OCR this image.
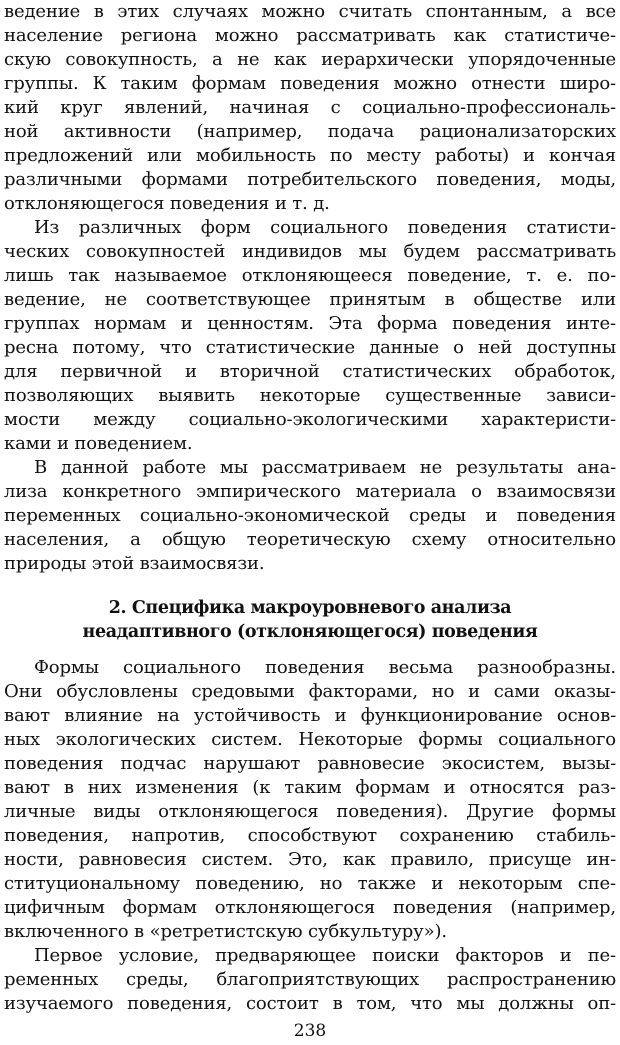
ведение в этих случаях можно считать спонтанным, а все
население региона можно рассматривать как статистиче-
скую совокупность, а не как иерархически упорядоченные
группы. К таким формам поведения можно отнести широ-
кий круг явлений, начиная с социально-профессиональ-
ной активности (например, подача рационализаторских
предложений или мобильность по месту работы) и кончая
различными формами потребительского поведения, моды,
отклоняющегося поведения и т. д.
Из различных форм социального поведения статисти-
ческих совокупностей индивидов мы будем рассматривать
лишь так называемое отклоняющееся поведение, т. е. по-
ведение, не соответствующее принятым в обществе или
группах нормам и ценностям. Эта форма поведения инте-
ресна потому, что статистические данные о ней доступны
для первичной и вторичной статистических обработок,
позволяющих выявить некоторые существенные зависи-
мости между социально-экологическими характеристи-
ками и поведением.
В данной работе мы рассматриваем не результаты ана-
лиза конкретного эмпирического материала о взаимосвязи
переменных социально-экономической среды и поведения
населения, а общую теоретическую схему относительно
природы этой взаимосвязи.
2. Специфика макроуровневого анализа
неадаптивного (отклоняющегося) поведения
Формы социального поведения весьма разнообразны.
Они обусловлены средовыми факторами, но и сами оказы-
вают влияние на устойчивость и функционирование основ-
ных экологических систем. Некоторые формы социального
поведения подчас нарушают равновесие экосистем, вызы-
вают в них изменения (к таким формам и относятся раз-
личные виды отклоняющегося поведения). Другие формы
поведения, напротив, способствуют сохранению стабиль-
ности, равновесия систем. Это, как правило, присуще ин-
ституциональному поведению, но также и некоторым спе-
цифичным формам отклоняющегося поведения (например,
включенного в «ретретистскую субкультуру»).
Первое условие, предваряющее поиски факторов и пе-
ременных среды, благоприятствующих распространению
изучаемого поведения, состоит в том, что мы должны оп-
238
